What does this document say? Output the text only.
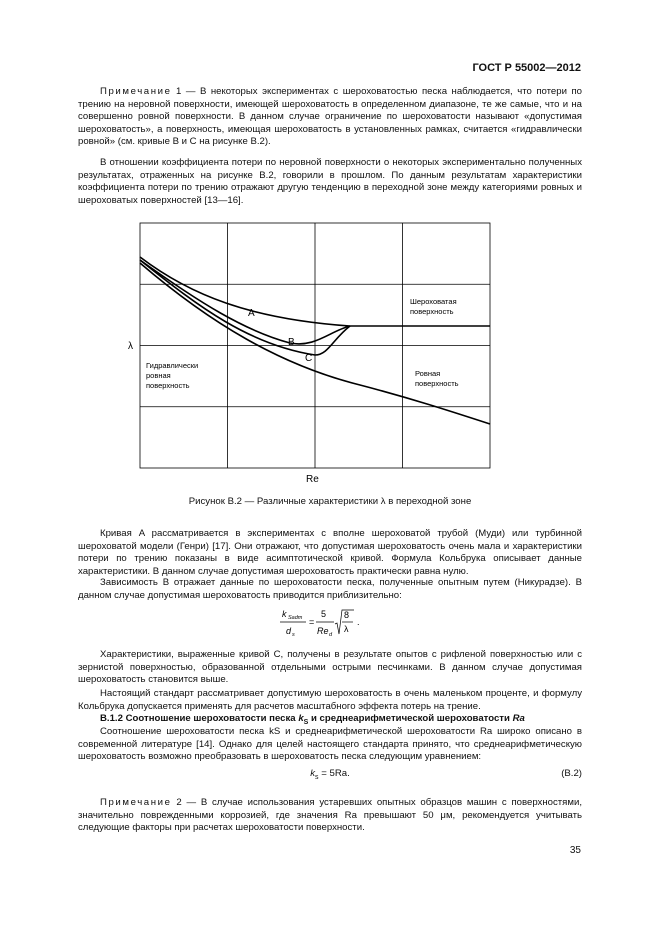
ГОСТ Р 55002—2012

Примечание 1 — В некоторых экспериментах с шероховатостью песка наблюдается, что потери по трению на неровной поверхности, имеющей шероховатость в определенном диапазоне, те же самые, что и на совершенно ровной поверхности. В данном случае ограничение по шероховатости называют «допустимая шероховатость», а поверхность, имеющая шероховатость в установленных рамках, считается «гидравлически ровной» (см. кривые B и C на рисунке B.2).

В отношении коэффициента потери по неровной поверхности о некоторых экспериментально полученных результатах, отраженных на рисунке B.2, говорили в прошлом. По данным результатам характеристики коэффициента потери по трению отражают другую тенденцию в переходной зоне между категориями ровных и шероховатых поверхностей [13—16].

λ
Re
A
B
C
Шероховатая
поверхность
Гидравлически
ровная
поверхность
Ровная
поверхность
Рисунок B.2 — Различные характеристики λ в переходной зоне

Кривая A рассматривается в экспериментах с вполне шероховатой трубой (Муди) или турбинной шероховатой модели (Генри) [17]. Они отражают, что допустимая шероховатость очень мала и характеристики потери по трению показаны в виде асимптотической кривой. Формула Кольбрука описывает данные характеристики. В данном случае допустимая шероховатость практически равна нулю.

Зависимость B отражает данные по шероховатости песка, полученные опытным путем (Никурадзе). В данном случае допустимая шероховатость приводится приблизительно:

k Sadm
d s
=
5
Re d
8
λ
.

Характеристики, выраженные кривой C, получены в результате опытов с рифленой поверхностью или с зернистой поверхностью, образованной отдельными острыми песчинками. В данном случае допустимая шероховатость становится выше.

Настоящий стандарт рассматривает допустимую шероховатость в очень маленьком проценте, и формулу Кольбрука допускается применять для расчетов масштабного эффекта потерь на трение.

B.1.2 Соотношение шероховатости песка $k_S$ и среднеарифметической шероховатости Ra

Соотношение шероховатости песка kS и среднеарифметической шероховатости Ra широко описано в современной литературе [14]. Однако для целей настоящего стандарта принято, что среднеарифметическую шероховатость возможно преобразовать в шероховатость песка следующим уравнением:

$k_s = 5Ra$.	(B.2)

Примечание 2 — В случае использования устаревших опытных образцов машин с поверхностями, значительно поврежденными коррозией, где значения Ra превышают 50 μм, рекомендуется учитывать следующие факторы при расчетах шероховатости поверхности.

35
